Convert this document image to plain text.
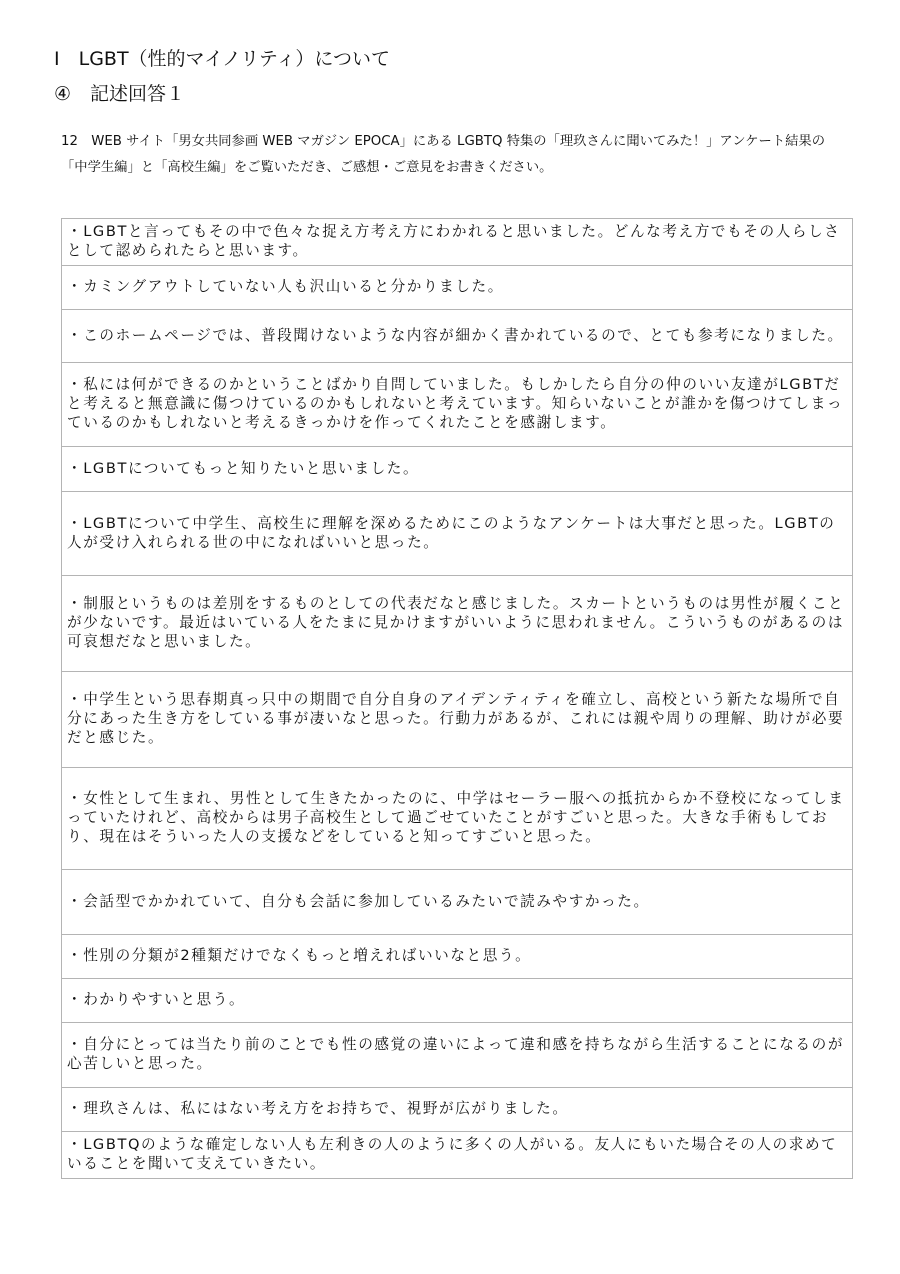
Ⅰ　LGBT（性的マイノリティ）について
④　記述回答１
12　WEB サイト「男女共同参画 WEB マガジン EPOCA」にある LGBTQ 特集の「理玖さんに聞いてみた！」アンケート結果の「中学生編」と「高校生編」をご覧いただき、ご感想・ご意見をお書きください。
・LGBTと言ってもその中で色々な捉え方考え方にわかれると思いました。どんな考え方でもその人らしさとして認められたらと思います。
・カミングアウトしていない人も沢山いると分かりました。
・このホームページでは、普段聞けないような内容が細かく書かれているので、とても参考になりました。
・私には何ができるのかということばかり自問していました。もしかしたら自分の仲のいい友達がLGBTだと考えると無意識に傷つけているのかもしれないと考えています。知らいないことが誰かを傷つけてしまっているのかもしれないと考えるきっかけを作ってくれたことを感謝します。
・LGBTについてもっと知りたいと思いました。
・LGBTについて中学生、高校生に理解を深めるためにこのようなアンケートは大事だと思った。LGBTの人が受け入れられる世の中になればいいと思った。
・制服というものは差別をするものとしての代表だなと感じました。スカートというものは男性が履くことが少ないです。最近はいている人をたまに見かけますがいいように思われません。こういうものがあるのは可哀想だなと思いました。
・中学生という思春期真っ只中の期間で自分自身のアイデンティティを確立し、高校という新たな場所で自分にあった生き方をしている事が凄いなと思った。行動力があるが、これには親や周りの理解、助けが必要だと感じた。
・女性として生まれ、男性として生きたかったのに、中学はセーラー服への抵抗からか不登校になってしまっていたけれど、高校からは男子高校生として過ごせていたことがすごいと思った。大きな手術もしており、現在はそういった人の支援などをしていると知ってすごいと思った。
・会話型でかかれていて、自分も会話に参加しているみたいで読みやすかった。
・性別の分類が2種類だけでなくもっと増えればいいなと思う。
・わかりやすいと思う。
・自分にとっては当たり前のことでも性の感覚の違いによって違和感を持ちながら生活することになるのが心苦しいと思った。
・理玖さんは、私にはない考え方をお持ちで、視野が広がりました。
・LGBTQのような確定しない人も左利きの人のように多くの人がいる。友人にもいた場合その人の求めていることを聞いて支えていきたい。
